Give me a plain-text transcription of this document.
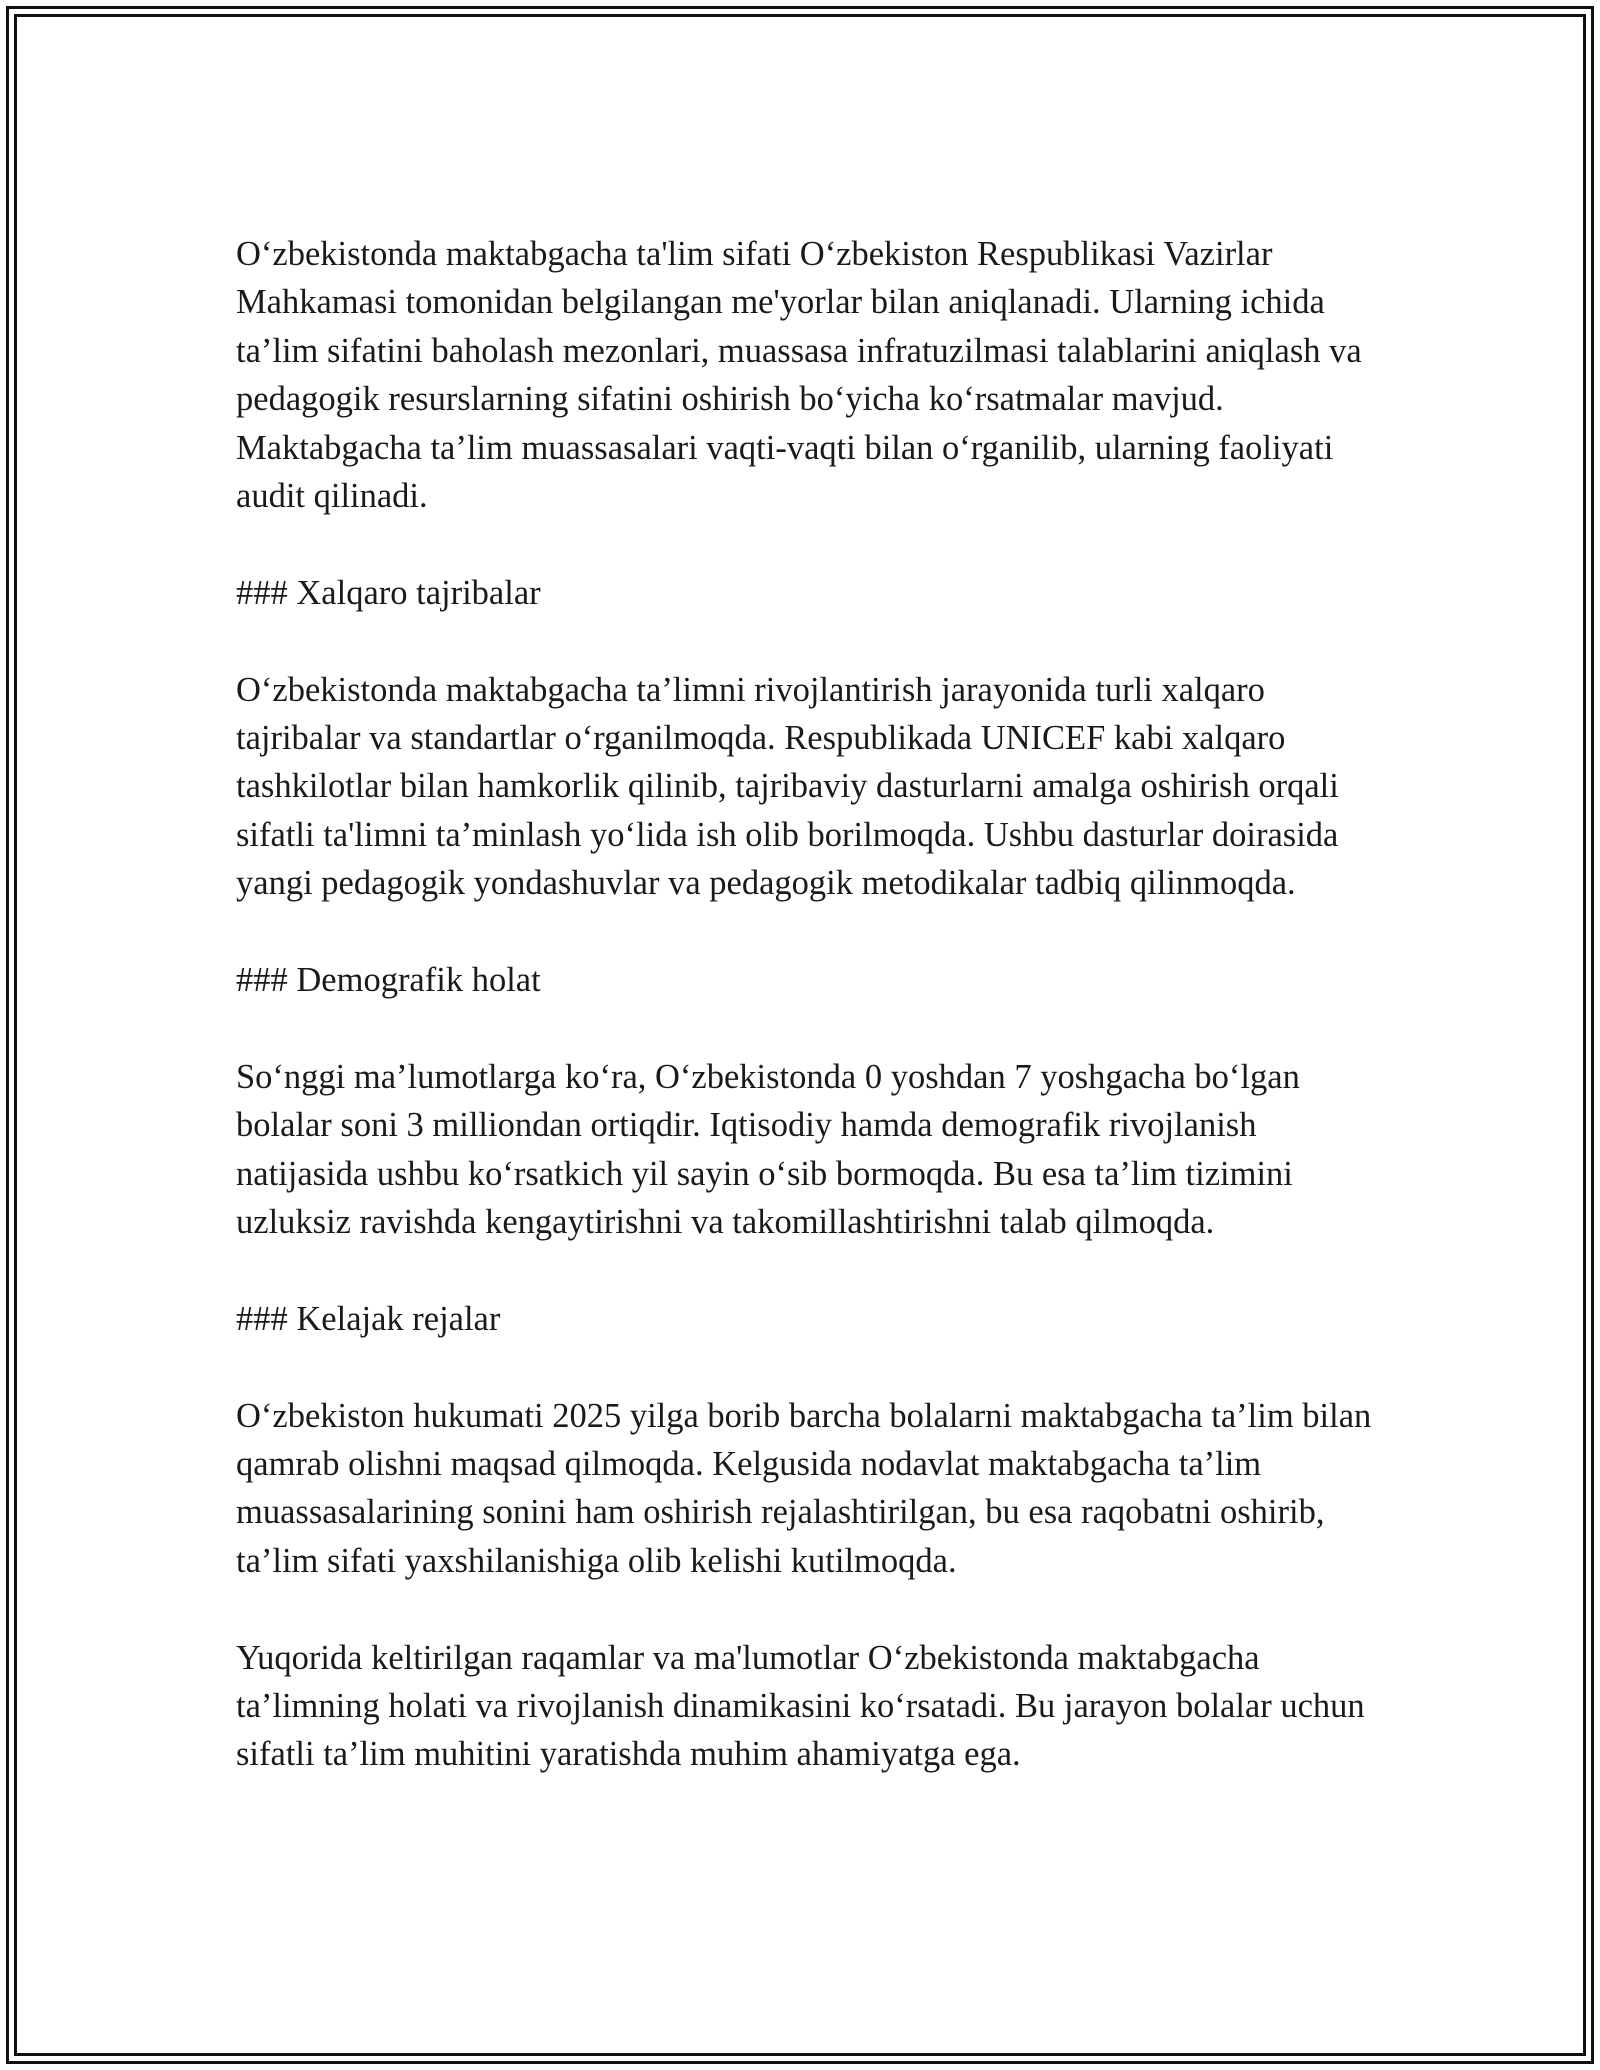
O‘zbekistonda maktabgacha ta'lim sifati O‘zbekiston Respublikasi Vazirlar Mahkamasi tomonidan belgilangan me'yorlar bilan aniqlanadi. Ularning ichida ta’lim sifatini baholash mezonlari, muassasa infratuzilmasi talablarini aniqlash va pedagogik resurslarning sifatini oshirish bo‘yicha ko‘rsatmalar mavjud. Maktabgacha ta’lim muassasalari vaqti-vaqti bilan o‘rganilib, ularning faoliyati audit qilinadi.

### Xalqaro tajribalar

O‘zbekistonda maktabgacha ta’limni rivojlantirish jarayonida turli xalqaro tajribalar va standartlar o‘rganilmoqda. Respublikada UNICEF kabi xalqaro tashkilotlar bilan hamkorlik qilinib, tajribaviy dasturlarni amalga oshirish orqali sifatli ta'limni ta’minlash yo‘lida ish olib borilmoqda. Ushbu dasturlar doirasida yangi pedagogik yondashuvlar va pedagogik metodikalar tadbiq qilinmoqda.

### Demografik holat

So‘nggi ma’lumotlarga ko‘ra, O‘zbekistonda 0 yoshdan 7 yoshgacha bo‘lgan bolalar soni 3 milliondan ortiqdir. Iqtisodiy hamda demografik rivojlanish natijasida ushbu ko‘rsatkich yil sayin o‘sib bormoqda. Bu esa ta’lim tizimini uzluksiz ravishda kengaytirishni va takomillashtirishni talab qilmoqda.

### Kelajak rejalar

O‘zbekiston hukumati 2025 yilga borib barcha bolalarni maktabgacha ta’lim bilan qamrab olishni maqsad qilmoqda. Kelgusida nodavlat maktabgacha ta’lim muassasalarining sonini ham oshirish rejalashtirilgan, bu esa raqobatni oshirib, ta’lim sifati yaxshilanishiga olib kelishi kutilmoqda.

Yuqorida keltirilgan raqamlar va ma'lumotlar O‘zbekistonda maktabgacha ta’limning holati va rivojlanish dinamikasini ko‘rsatadi. Bu jarayon bolalar uchun sifatli ta’lim muhitini yaratishda muhim ahamiyatga ega.
